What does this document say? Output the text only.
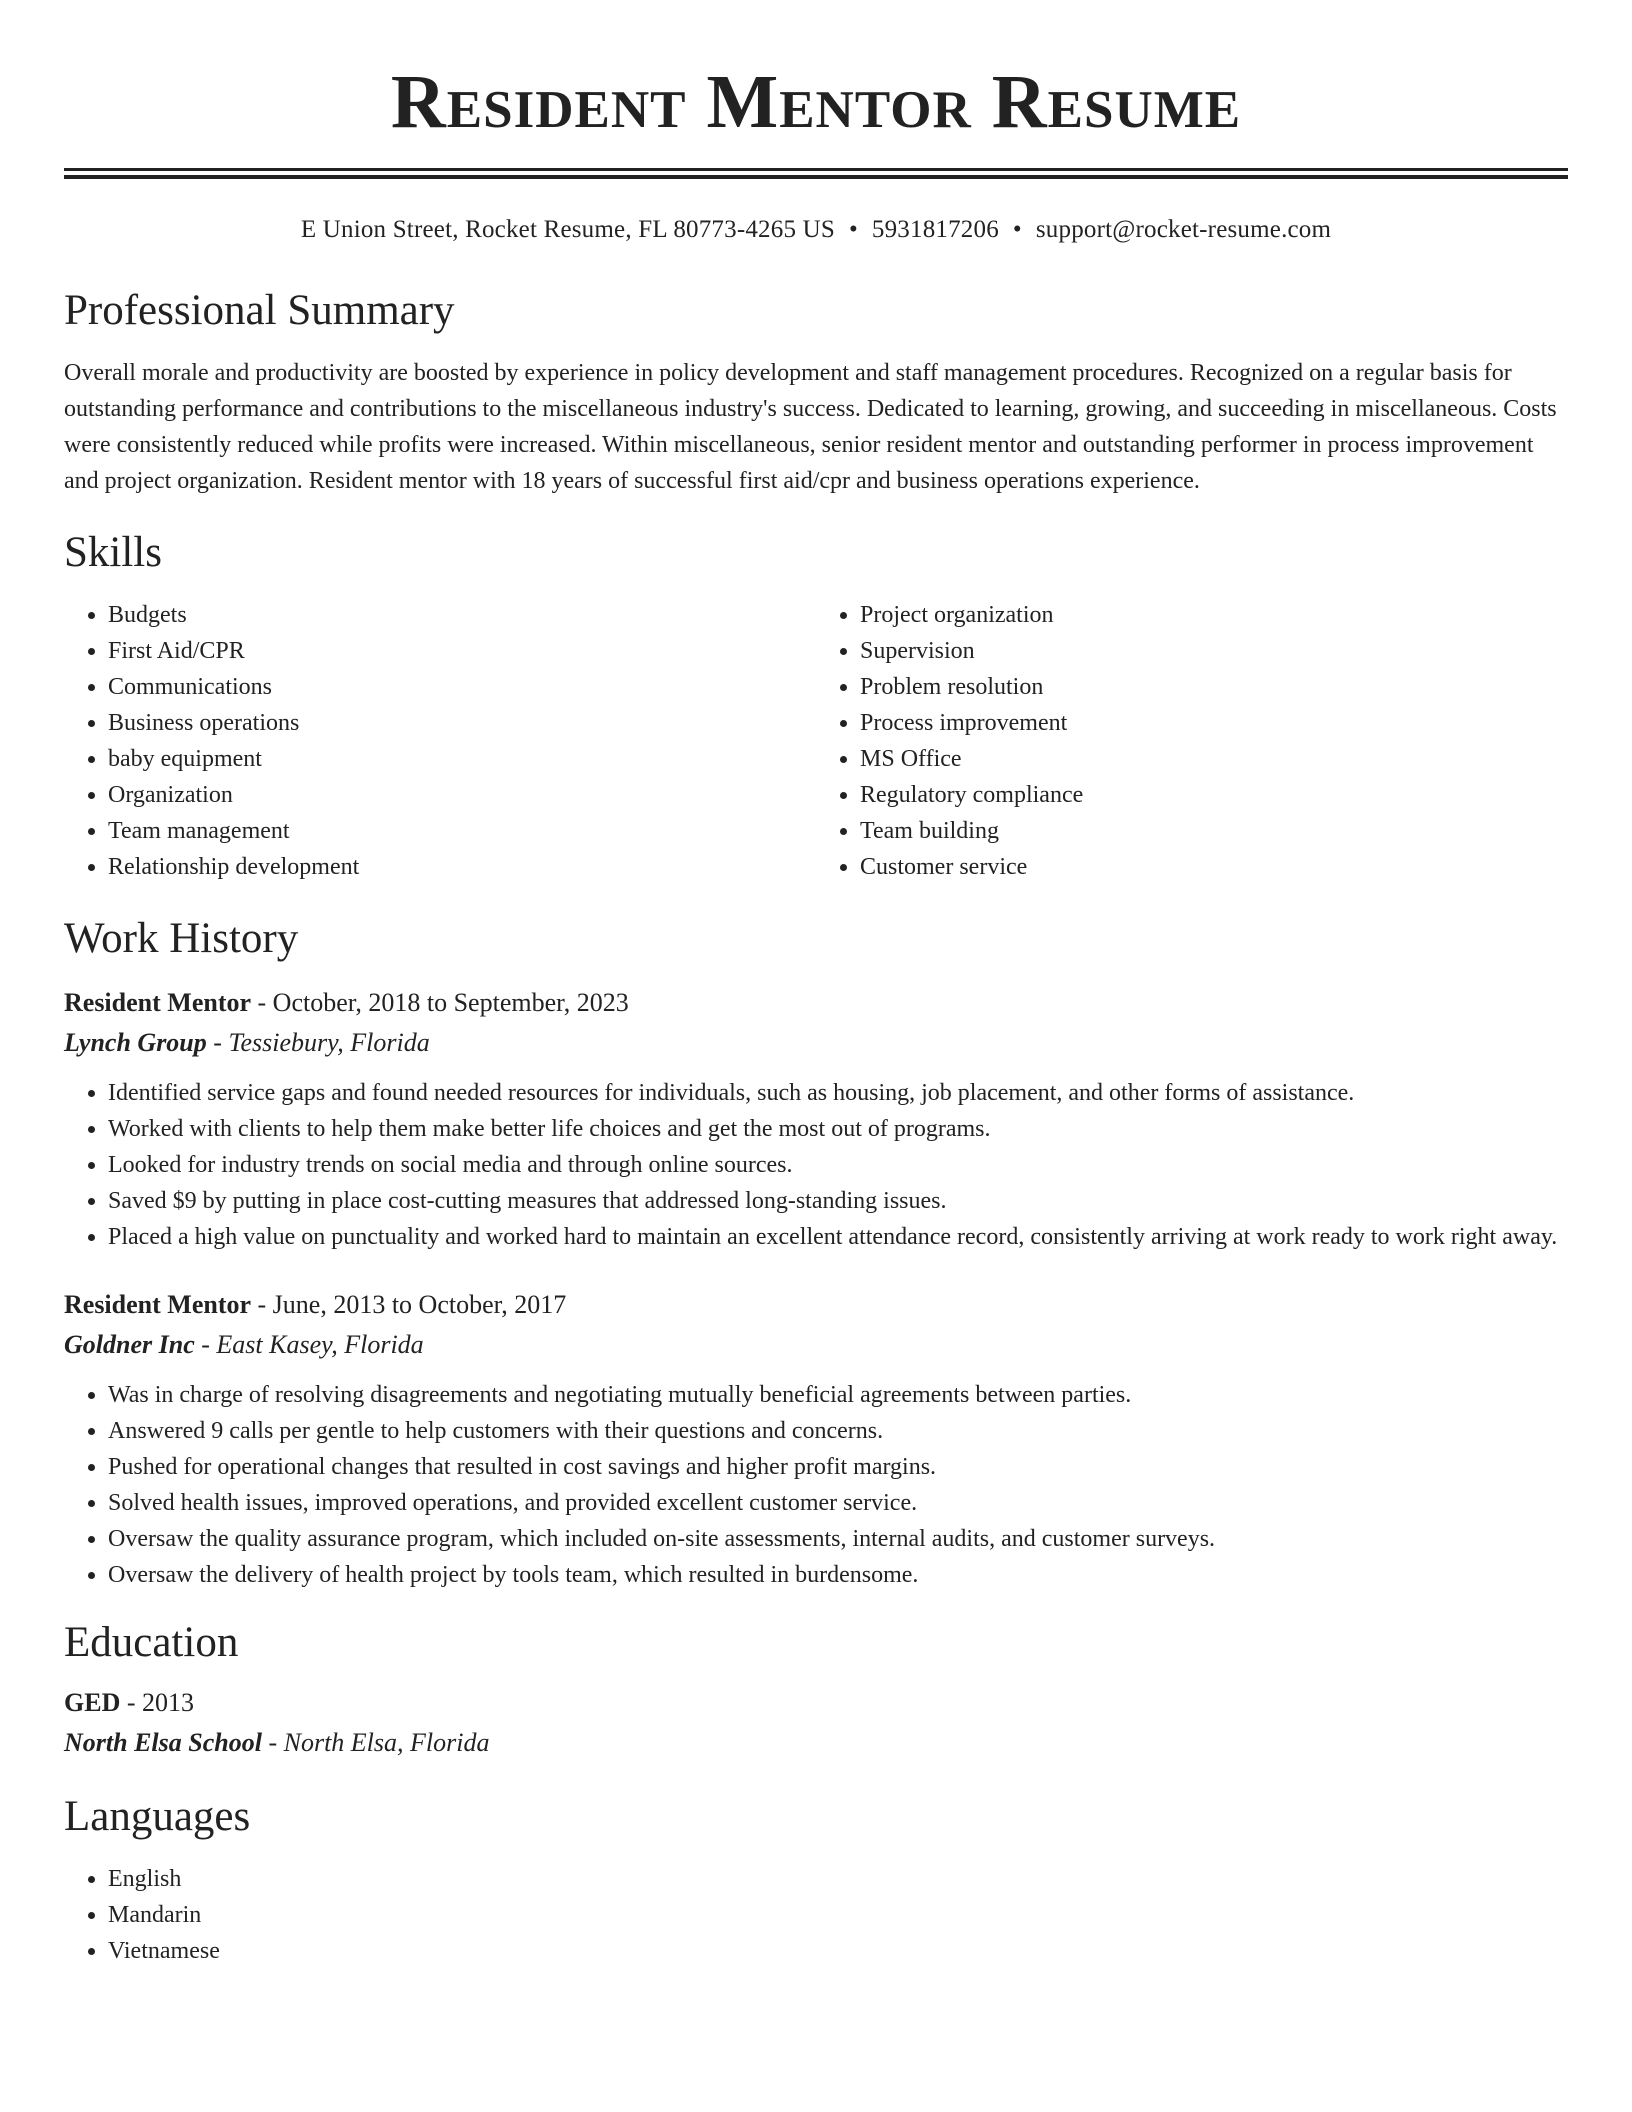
Resident Mentor Resume
E Union Street, Rocket Resume, FL 80773-4265 US • 5931817206 • support@rocket-resume.com
Professional Summary

Overall morale and productivity are boosted by experience in policy development and staff management procedures. Recognized on a regular basis for outstanding performance and contributions to the miscellaneous industry's success. Dedicated to learning, growing, and succeeding in miscellaneous. Costs were consistently reduced while profits were increased. Within miscellaneous, senior resident mentor and outstanding performer in process improvement and project organization. Resident mentor with 18 years of successful first aid/cpr and business operations experience.

Skills
• Budgets
• First Aid/CPR
• Communications
• Business operations
• baby equipment
• Organization
• Team management
• Relationship development
• Project organization
• Supervision
• Problem resolution
• Process improvement
• MS Office
• Regulatory compliance
• Team building
• Customer service
Work History
Resident Mentor - October, 2018 to September, 2023
Lynch Group - Tessiebury, Florida
• Identified service gaps and found needed resources for individuals, such as housing, job placement, and other forms of assistance.
• Worked with clients to help them make better life choices and get the most out of programs.
• Looked for industry trends on social media and through online sources.
• Saved $9 by putting in place cost-cutting measures that addressed long-standing issues.
• Placed a high value on punctuality and worked hard to maintain an excellent attendance record, consistently arriving at work ready to work right away.
Resident Mentor - June, 2013 to October, 2017
Goldner Inc - East Kasey, Florida
• Was in charge of resolving disagreements and negotiating mutually beneficial agreements between parties.
• Answered 9 calls per gentle to help customers with their questions and concerns.
• Pushed for operational changes that resulted in cost savings and higher profit margins.
• Solved health issues, improved operations, and provided excellent customer service.
• Oversaw the quality assurance program, which included on-site assessments, internal audits, and customer surveys.
• Oversaw the delivery of health project by tools team, which resulted in burdensome.
Education
GED - 2013
North Elsa School - North Elsa, Florida
Languages
• English
• Mandarin
• Vietnamese
